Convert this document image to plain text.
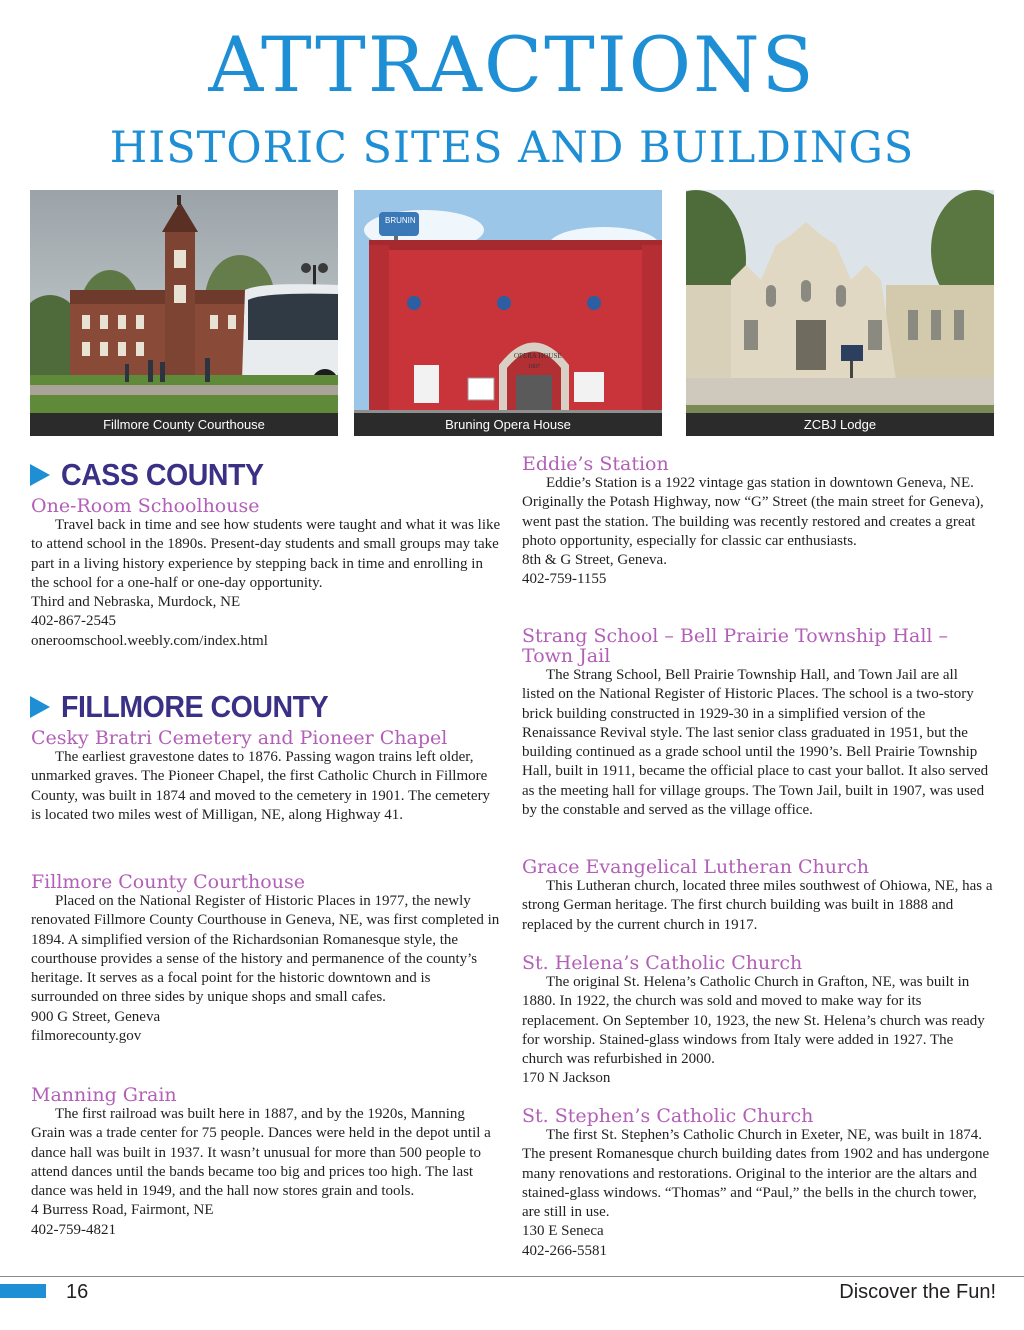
ATTRACTIONS
HISTORIC SITES AND BUILDINGS
Fillmore County Courthouse
BRUNIN
OPERA HOUSE
1907
Bruning Opera House	ZCBJ Lodge
CASS COUNTY
One-Room Schoolhouse

Travel back in time and see how students were taught and what it was like to attend school in the 1890s. Present-day students and small groups may take part in a living history experience by stepping back in time and enrolling in the school for a one-half or one-day opportunity.

Third and Nebraska, Murdock, NE

402-867-2545

oneroomschool.weebly.com/index.html

FILLMORE COUNTY
Cesky Bratri Cemetery and Pioneer Chapel

The earliest gravestone dates to 1876. Passing wagon trains left older, unmarked graves. The Pioneer Chapel, the first Catholic Church in Fillmore County, was built in 1874 and moved to the cemetery in 1901. The cemetery is located two miles west of Milligan, NE, along Highway 41.

Fillmore County Courthouse

Placed on the National Register of Historic Places in 1977, the newly renovated Fillmore County Courthouse in Geneva, NE, was first completed in 1894. A simplified version of the Richardsonian Romanesque style, the courthouse provides a sense of the history and permanence of the county’s heritage. It serves as a focal point for the historic downtown and is surrounded on three sides by unique shops and small cafes.

900 G Street, Geneva

filmorecounty.gov

Manning Grain

The first railroad was built here in 1887, and by the 1920s, Manning Grain was a trade center for 75 people. Dances were held in the depot until a dance hall was built in 1937. It wasn’t unusual for more than 500 people to attend dances until the bands became too big and prices too high. The last dance was held in 1949, and the hall now stores grain and tools.

4 Burress Road, Fairmont, NE

402-759-4821

Eddie’s Station

Eddie’s Station is a 1922 vintage gas station in downtown Geneva, NE. Originally the Potash Highway, now “G” Street (the main street for Geneva), went past the station. The building was recently restored and creates a great photo opportunity, especially for classic car enthusiasts.

8th & G Street, Geneva.

402-759-1155

Strang School – Bell Prairie Township Hall – Town Jail

The Strang School, Bell Prairie Township Hall, and Town Jail are all listed on the National Register of Historic Places. The school is a two-story brick building constructed in 1929-30 in a simplified version of the Renaissance Revival style. The last senior class graduated in 1951, but the building continued as a grade school until the 1990’s. Bell Prairie Township Hall, built in 1911, became the official place to cast your ballot. It also served as the meeting hall for village groups. The Town Jail, built in 1907, was used by the constable and served as the village office.

Grace Evangelical Lutheran Church

This Lutheran church, located three miles southwest of Ohiowa, NE, has a strong German heritage. The first church building was built in 1888 and replaced by the current church in 1917.

St. Helena’s Catholic Church

The original St. Helena’s Catholic Church in Grafton, NE, was built in 1880. In 1922, the church was sold and moved to make way for its replacement. On September 10, 1923, the new St. Helena’s church was ready for worship. Stained-glass windows from Italy were added in 1927. The church was refurbished in 2000.

170 N Jackson

St. Stephen’s Catholic Church

The first St. Stephen’s Catholic Church in Exeter, NE, was built in 1874. The present Romanesque church building dates from 1902 and has undergone many renovations and restorations. Original to the interior are the altars and stained-glass windows. “Thomas” and “Paul,” the bells in the church tower, are still in use.

130 E Seneca

402-266-5581

16	Discover the Fun!
